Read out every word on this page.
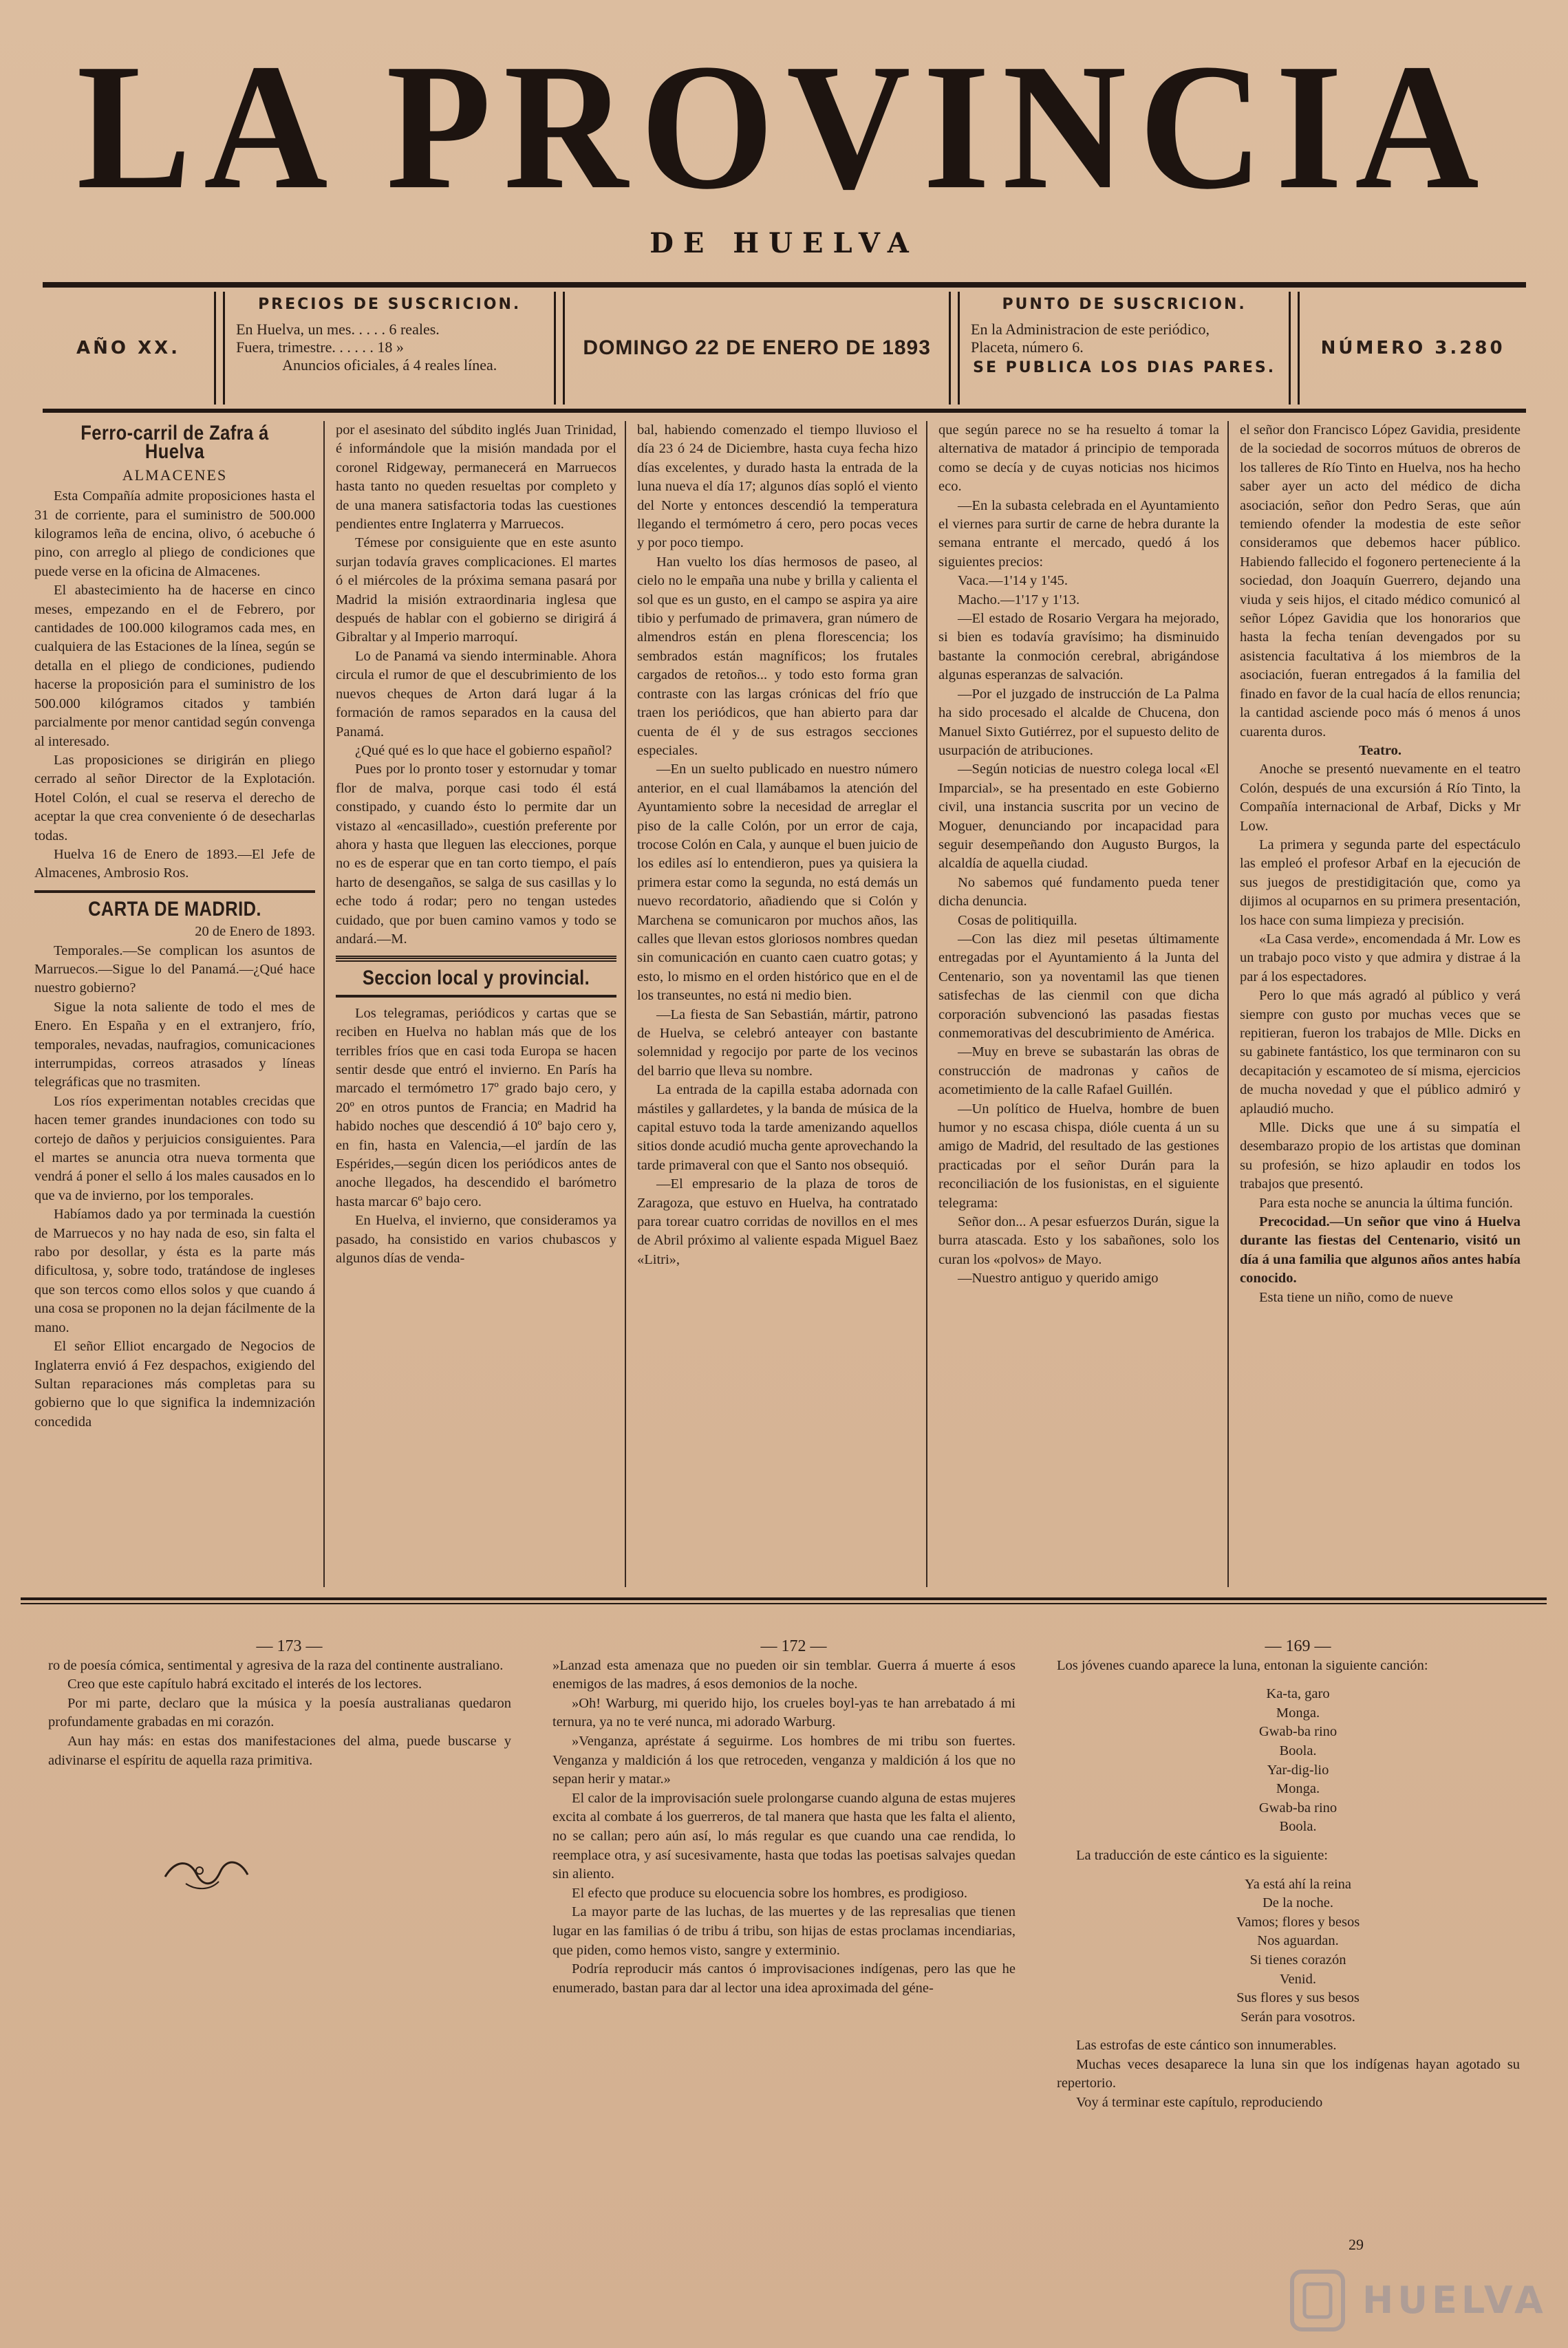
LA PROVINCIA
DE HUELVA
AÑO XX.
PRECIOS DE SUSCRICION.
En Huelva, un mes. . . . . 6 reales.
Fuera, trimestre. . . . . . 18 »
Anuncios oficiales, á 4 reales línea.
DOMINGO 22 DE ENERO DE 1893
PUNTO DE SUSCRICION.
En la Administracion de este periódico,
Placeta, número 6.
SE PUBLICA LOS DIAS PARES.
NÚMERO 3.280

Ferro-carril de Zafra á Huelva

ALMACENES

Esta Compañía admite proposiciones hasta el 31 de corriente, para el suministro de 500.000 kilogramos leña de encina, olivo, ó acebuche ó pino, con arreglo al pliego de condiciones que puede verse en la oficina de Almacenes.

El abastecimiento ha de hacerse en cinco meses, empezando en el de Febrero, por cantidades de 100.000 kilogramos cada mes, en cualquiera de las Estaciones de la línea, según se detalla en el pliego de condiciones, pudiendo hacerse la proposición para el suministro de los 500.000 kilógramos citados y también parcialmente por menor cantidad según convenga al interesado.

Las proposiciones se dirigirán en pliego cerrado al señor Director de la Explotación. Hotel Colón, el cual se reserva el derecho de aceptar la que crea conveniente ó de desecharlas todas.

Huelva 16 de Enero de 1893.—El Jefe de Almacenes, Ambrosio Ros.

CARTA DE MADRID.

20 de Enero de 1893.

Temporales.—Se complican los asuntos de Marruecos.—Sigue lo del Panamá.—¿Qué hace nuestro gobierno?

Sigue la nota saliente de todo el mes de Enero. En España y en el extranjero, frío, temporales, nevadas, naufragios, comunicaciones interrumpidas, correos atrasados y líneas telegráficas que no trasmiten.

Los ríos experimentan notables crecidas que hacen temer grandes inundaciones con todo su cortejo de daños y perjuicios consiguientes. Para el martes se anuncia otra nueva tormenta que vendrá á poner el sello á los males causados en lo que va de invierno, por los temporales.

Habíamos dado ya por terminada la cuestión de Marruecos y no hay nada de eso, sin falta el rabo por desollar, y ésta es la parte más dificultosa, y, sobre todo, tratándose de ingleses que son tercos como ellos solos y que cuando á una cosa se proponen no la dejan fácilmente de la mano.

El señor Elliot encargado de Negocios de Inglaterra envió á Fez despachos, exigiendo del Sultan reparaciones más completas para su gobierno que lo que significa la indemnización concedida

por el asesinato del súbdito inglés Juan Trinidad, é informándole que la misión mandada por el coronel Ridgeway, permanecerá en Marruecos hasta tanto no queden resueltas por completo y de una manera satisfactoria todas las cuestiones pendientes entre Inglaterra y Marruecos.

Témese por consiguiente que en este asunto surjan todavía graves complicaciones. El martes ó el miércoles de la próxima semana pasará por Madrid la misión extraordinaria inglesa que después de hablar con el gobierno se dirigirá á Gibraltar y al Imperio marroquí.

Lo de Panamá va siendo interminable. Ahora circula el rumor de que el descubrimiento de los nuevos cheques de Arton dará lugar á la formación de ramos separados en la causa del Panamá.

¿Qué qué es lo que hace el gobierno español?

Pues por lo pronto toser y estornudar y tomar flor de malva, porque casi todo él está constipado, y cuando ésto lo permite dar un vistazo al «encasillado», cuestión preferente por ahora y hasta que lleguen las elecciones, porque no es de esperar que en tan corto tiempo, el país harto de desengaños, se salga de sus casillas y lo eche todo á rodar; pero no tengan ustedes cuidado, que por buen camino vamos y todo se andará.—M.

Seccion local y provincial.

Los telegramas, periódicos y cartas que se reciben en Huelva no hablan más que de los terribles fríos que en casi toda Europa se hacen sentir desde que entró el invierno. En París ha marcado el termómetro 17º grado bajo cero, y 20º en otros puntos de Francia; en Madrid ha habido noches que descendió á 10º bajo cero y, en fin, hasta en Valencia,—el jardín de las Espérides,—según dicen los periódicos antes de anoche llegados, ha descendido el barómetro hasta marcar 6º bajo cero.

En Huelva, el invierno, que consideramos ya pasado, ha consistido en varios chubascos y algunos días de venda-

bal, habiendo comenzado el tiempo lluvioso el día 23 ó 24 de Diciembre, hasta cuya fecha hizo días excelentes, y durado hasta la entrada de la luna nueva el día 17; algunos días sopló el viento del Norte y entonces descendió la temperatura llegando el termómetro á cero, pero pocas veces y por poco tiempo.

Han vuelto los días hermosos de paseo, al cielo no le empaña una nube y brilla y calienta el sol que es un gusto, en el campo se aspira ya aire tibio y perfumado de primavera, gran número de almendros están en plena florescencia; los sembrados están magníficos; los frutales cargados de retoños... y todo esto forma gran contraste con las largas crónicas del frío que traen los periódicos, que han abierto para dar cuenta de él y de sus estragos secciones especiales.

—En un suelto publicado en nuestro número anterior, en el cual llamábamos la atención del Ayuntamiento sobre la necesidad de arreglar el piso de la calle Colón, por un error de caja, trocose Colón en Cala, y aunque el buen juicio de los ediles así lo entendieron, pues ya quisiera la primera estar como la segunda, no está demás un nuevo recordatorio, añadiendo que si Colón y Marchena se comunicaron por muchos años, las calles que llevan estos gloriosos nombres quedan sin comunicación en cuanto caen cuatro gotas; y esto, lo mismo en el orden histórico que en el de los transeuntes, no está ni medio bien.

—La fiesta de San Sebastián, mártir, patrono de Huelva, se celebró anteayer con bastante solemnidad y regocijo por parte de los vecinos del barrio que lleva su nombre.

La entrada de la capilla estaba adornada con mástiles y gallardetes, y la banda de música de la capital estuvo toda la tarde amenizando aquellos sitios donde acudió mucha gente aprovechando la tarde primaveral con que el Santo nos obsequió.

—El empresario de la plaza de toros de Zaragoza, que estuvo en Huelva, ha contratado para torear cuatro corridas de novillos en el mes de Abril próximo al valiente espada Miguel Baez «Litri»,

que según parece no se ha resuelto á tomar la alternativa de matador á principio de temporada como se decía y de cuyas noticias nos hicimos eco.

—En la subasta celebrada en el Ayuntamiento el viernes para surtir de carne de hebra durante la semana entrante el mercado, quedó á los siguientes precios:

Vaca.—1'14 y 1'45.

Macho.—1'17 y 1'13.

—El estado de Rosario Vergara ha mejorado, si bien es todavía gravísimo; ha disminuido bastante la conmoción cerebral, abrigándose algunas esperanzas de salvación.

—Por el juzgado de instrucción de La Palma ha sido procesado el alcalde de Chucena, don Manuel Sixto Gutiérrez, por el supuesto delito de usurpación de atribuciones.

—Según noticias de nuestro colega local «El Imparcial», se ha presentado en este Gobierno civil, una instancia suscrita por un vecino de Moguer, denunciando por incapacidad para seguir desempeñando don Augusto Burgos, la alcaldía de aquella ciudad.

No sabemos qué fundamento pueda tener dicha denuncia.

Cosas de politiquilla.

—Con las diez mil pesetas últimamente entregadas por el Ayuntamiento á la Junta del Centenario, son ya noventamil las que tienen satisfechas de las cienmil con que dicha corporación subvencionó las pasadas fiestas conmemorativas del descubrimiento de América.

—Muy en breve se subastarán las obras de construcción de madronas y caños de acometimiento de la calle Rafael Guillén.

—Un político de Huelva, hombre de buen humor y no escasa chispa, dióle cuenta á un su amigo de Madrid, del resultado de las gestiones practicadas por el señor Durán para la reconciliación de los fusionistas, en el siguiente telegrama:

Señor don... A pesar esfuerzos Durán, sigue la burra atascada. Esto y los sabañones, solo los curan los «polvos» de Mayo.

—Nuestro antiguo y querido amigo

el señor don Francisco López Gavidia, presidente de la sociedad de socorros mútuos de obreros de los talleres de Río Tinto en Huelva, nos ha hecho saber ayer un acto del médico de dicha asociación, señor don Pedro Seras, que aún temiendo ofender la modestia de este señor consideramos que debemos hacer público. Habiendo fallecido el fogonero perteneciente á la sociedad, don Joaquín Guerrero, dejando una viuda y seis hijos, el citado médico comunicó al señor López Gavidia que los honorarios que hasta la fecha tenían devengados por su asistencia facultativa á los miembros de la asociación, fueran entregados á la familia del finado en favor de la cual hacía de ellos renuncia; la cantidad asciende poco más ó menos á unos cuarenta duros.

Teatro.

Anoche se presentó nuevamente en el teatro Colón, después de una excursión á Río Tinto, la Compañía internacional de Arbaf, Dicks y Mr Low.

La primera y segunda parte del espectáculo las empleó el profesor Arbaf en la ejecución de sus juegos de prestidigitación que, como ya dijimos al ocuparnos en su primera presentación, los hace con suma limpieza y precisión.

«La Casa verde», encomendada á Mr. Low es un trabajo poco visto y que admira y distrae á la par á los espectadores.

Pero lo que más agradó al público y verá siempre con gusto por muchas veces que se repitieran, fueron los trabajos de Mlle. Dicks en su gabinete fantástico, los que terminaron con su decapitación y escamoteo de sí misma, ejercicios de mucha novedad y que el público admiró y aplaudió mucho.

Mlle. Dicks que une á su simpatía el desembarazo propio de los artistas que dominan su profesión, se hizo aplaudir en todos los trabajos que presentó.

Para esta noche se anuncia la última función.

Precocidad.—Un señor que vino á Huelva durante las fiestas del Centenario, visitó un día á una familia que algunos años antes había conocido.

Esta tiene un niño, como de nueve

— 173 —

ro de poesía cómica, sentimental y agresiva de la raza del continente australiano.

Creo que este capítulo habrá excitado el interés de los lectores.

Por mi parte, declaro que la música y la poesía australianas quedaron profundamente grabadas en mi corazón.

Aun hay más: en estas dos manifestaciones del alma, puede buscarse y adivinarse el espíritu de aquella raza primitiva.

— 172 —

»Lanzad esta amenaza que no pueden oir sin temblar. Guerra á muerte á esos enemigos de las madres, á esos demonios de la noche.

»Oh! Warburg, mi querido hijo, los crueles boyl-yas te han arrebatado á mi ternura, ya no te veré nunca, mi adorado Warburg.

»Venganza, apréstate á seguirme. Los hombres de mi tribu son fuertes. Venganza y maldición á los que retroceden, venganza y maldición á los que no sepan herir y matar.»

El calor de la improvisación suele prolongarse cuando alguna de estas mujeres excita al combate á los guerreros, de tal manera que hasta que les falta el aliento, no se callan; pero aún así, lo más regular es que cuando una cae rendida, lo reemplace otra, y así sucesivamente, hasta que todas las poetisas salvajes quedan sin aliento.

El efecto que produce su elocuencia sobre los hombres, es prodigioso.

La mayor parte de las luchas, de las muertes y de las represalias que tienen lugar en las familias ó de tribu á tribu, son hijas de estas proclamas incendiarias, que piden, como hemos visto, sangre y exterminio.

Podría reproducir más cantos ó improvisaciones indígenas, pero las que he enumerado, bastan para dar al lector una idea aproximada del géne-

— 169 —

Los jóvenes cuando aparece la luna, entonan la siguiente canción:

Ka-ta, garo

Monga.

Gwab-ba rino

Boola.

Yar-dig-lio

Monga.

Gwab-ba rino

Boola.

La traducción de este cántico es la siguiente:

Ya está ahí la reina

De la noche.

Vamos; flores y besos

Nos aguardan.

Si tienes corazón

Venid.

Sus flores y sus besos

Serán para vosotros.

Las estrofas de este cántico son innumerables.

Muchas veces desaparece la luna sin que los indígenas hayan agotado su repertorio.

Voy á terminar este capítulo, reproduciendo

29
HUELVA
